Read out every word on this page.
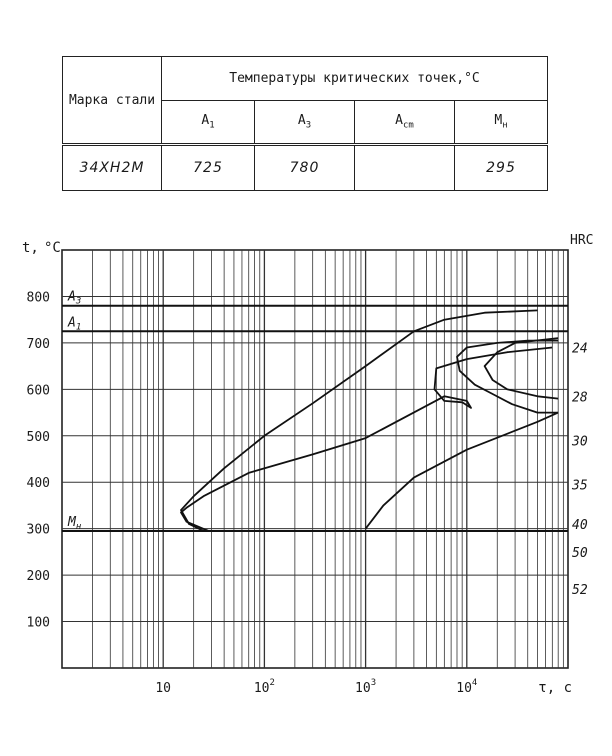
Марка стали	Температуры критических точек,°C			
	$A_1$	$A_3$	$A_{cm}$	$M_н$
34ХН2М	725	780		295
$A_3$
$A_1$
$M_н$
800
700
600
500
400
300
200
100
t, °C
10	$10^2$	$10^3$	$10^4$	τ, c
HRC
24
28
30
35
40
50
52
